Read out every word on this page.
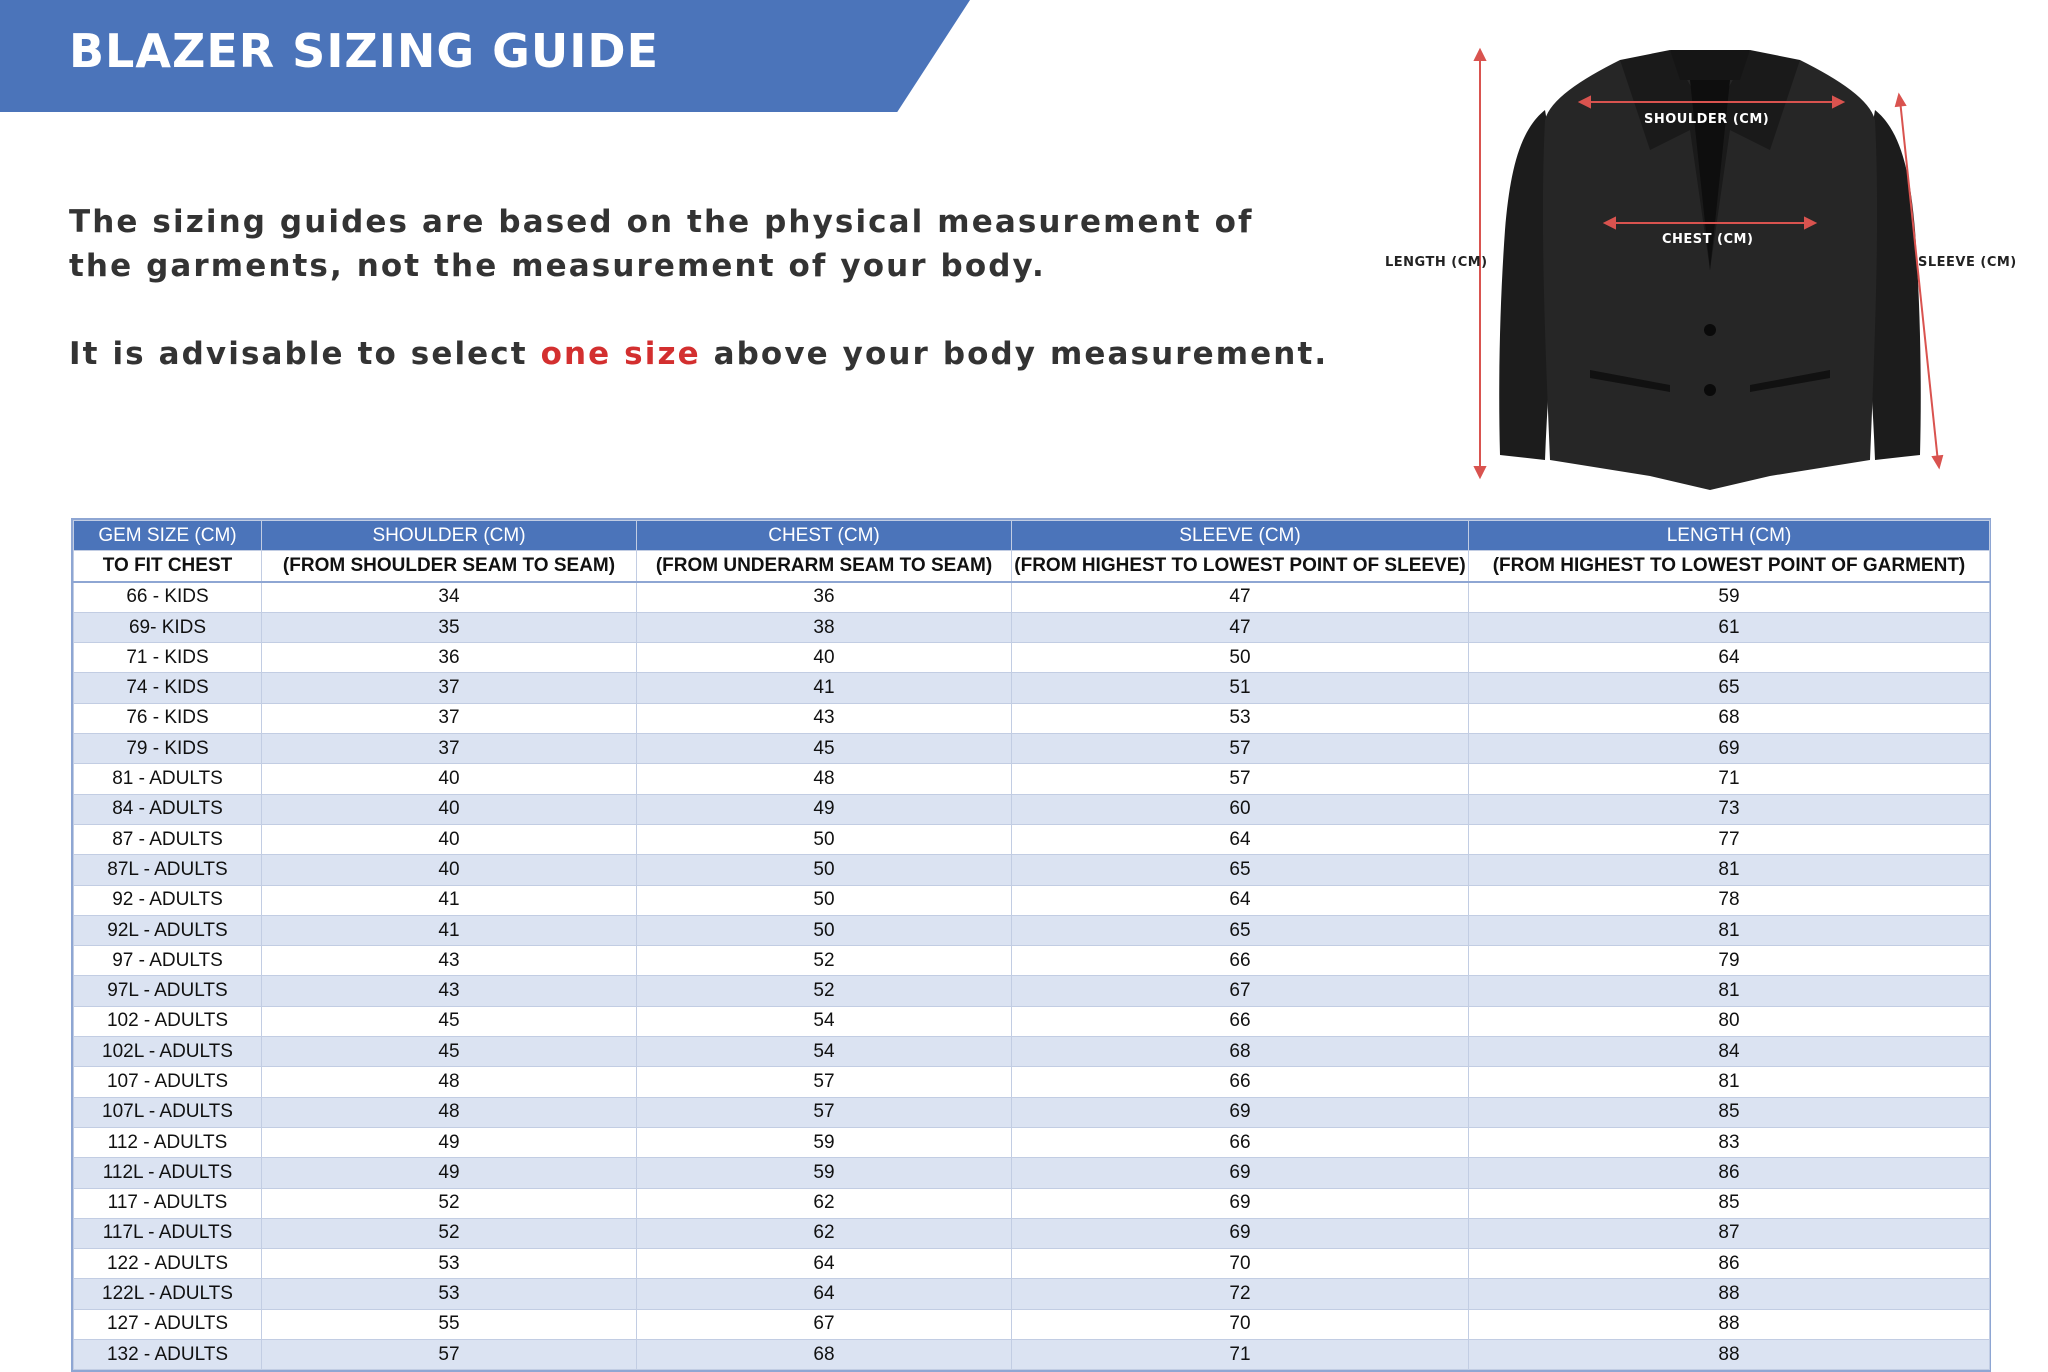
BLAZER SIZING GUIDE
The sizing guides are based on the physical measurement of the garments, not the measurement of your body.
It is advisable to select one size above your body measurement.
SHOULDER (CM)
CHEST (CM)
LENGTH (CM)	SLEEVE (CM)
GEM SIZE (CM)	SHOULDER (CM)	CHEST (CM)	SLEEVE (CM)	LENGTH (CM)
TO FIT CHEST	(FROM SHOULDER SEAM TO SEAM)	(FROM UNDERARM SEAM TO SEAM)	(FROM HIGHEST TO LOWEST POINT OF SLEEVE)	(FROM HIGHEST TO LOWEST POINT OF GARMENT)
66 - KIDS	34	36	47	59
69- KIDS	35	38	47	61
71 - KIDS	36	40	50	64
74 - KIDS	37	41	51	65
76 - KIDS	37	43	53	68
79 - KIDS	37	45	57	69
81 - ADULTS	40	48	57	71
84 - ADULTS	40	49	60	73
87 - ADULTS	40	50	64	77
87L - ADULTS	40	50	65	81
92 - ADULTS	41	50	64	78
92L - ADULTS	41	50	65	81
97 - ADULTS	43	52	66	79
97L - ADULTS	43	52	67	81
102 - ADULTS	45	54	66	80
102L - ADULTS	45	54	68	84
107 - ADULTS	48	57	66	81
107L - ADULTS	48	57	69	85
112 - ADULTS	49	59	66	83
112L - ADULTS	49	59	69	86
117 - ADULTS	52	62	69	85
117L - ADULTS	52	62	69	87
122 - ADULTS	53	64	70	86
122L - ADULTS	53	64	72	88
127 - ADULTS	55	67	70	88
132 - ADULTS	57	68	71	88
